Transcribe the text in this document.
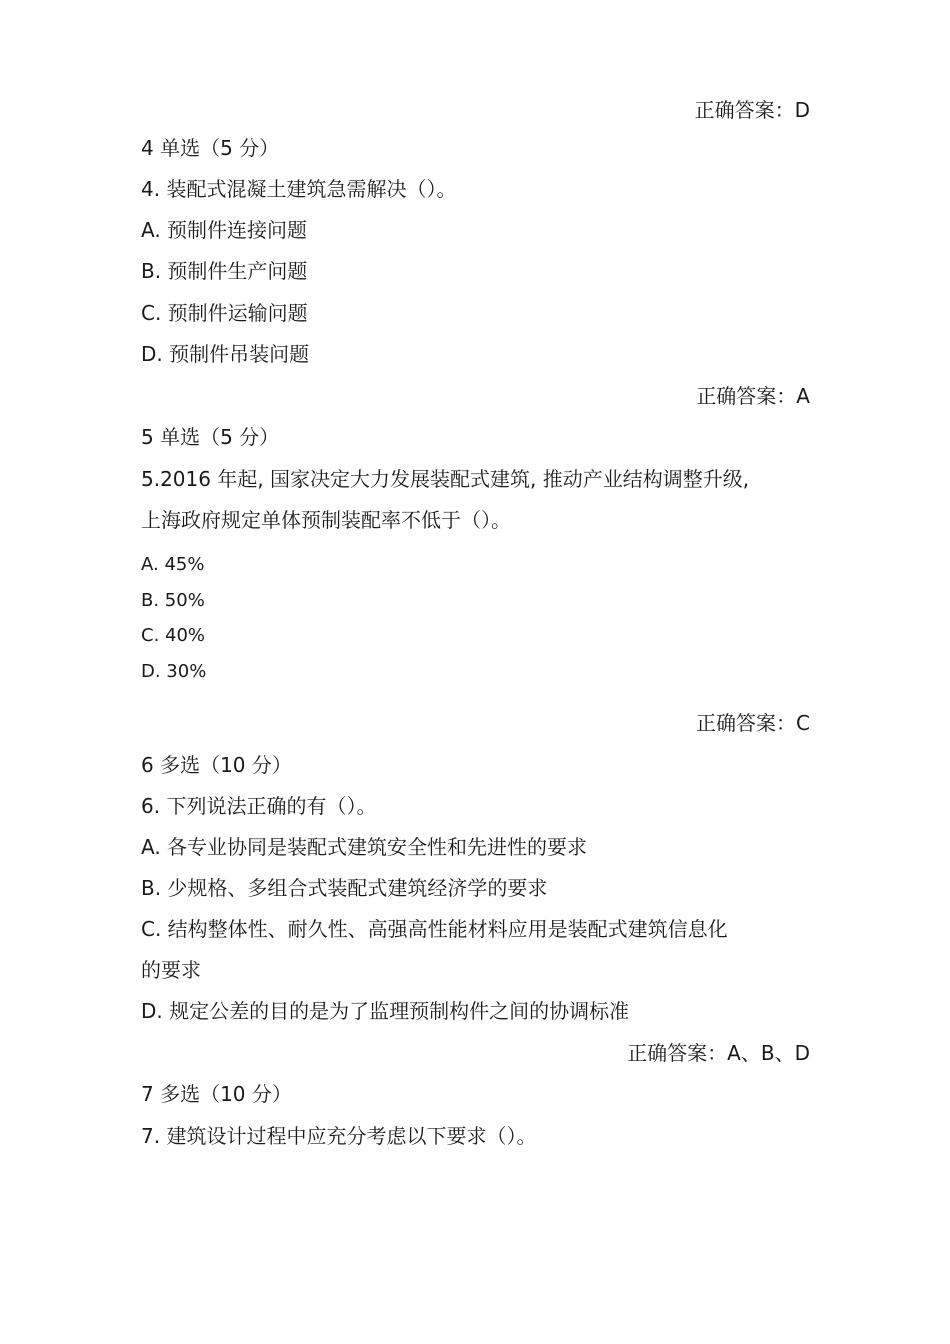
正确答案：D
4 单选（5 分）
4. 装配式混凝土建筑急需解决（）。
A. 预制件连接问题
B. 预制件生产问题
C. 预制件运输问题
D. 预制件吊装问题
正确答案：A
5 单选（5 分）
5.2016 年起, 国家决定大力发展装配式建筑, 推动产业结构调整升级,
上海政府规定单体预制装配率不低于（）。
A. 45%
B. 50%
C. 40%
D. 30%
正确答案：C
6 多选（10 分）
6. 下列说法正确的有（）。
A. 各专业协同是装配式建筑安全性和先进性的要求
B. 少规格、多组合式装配式建筑经济学的要求
C. 结构整体性、耐久性、高强高性能材料应用是装配式建筑信息化
的要求
D. 规定公差的目的是为了监理预制构件之间的协调标准
正确答案：A、B、D
7 多选（10 分）
7. 建筑设计过程中应充分考虑以下要求（）。
